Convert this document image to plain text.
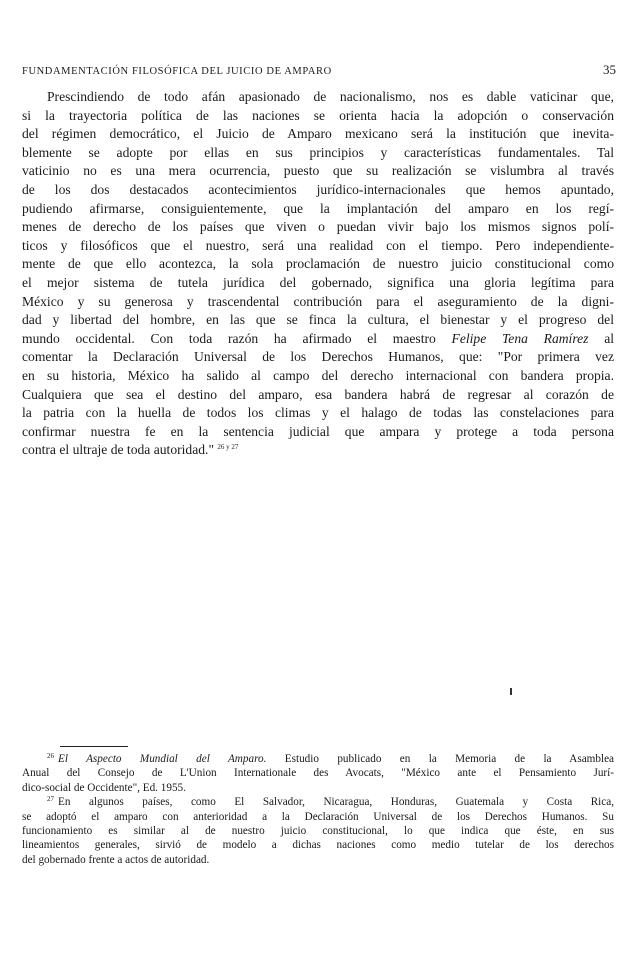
FUNDAMENTACIÓN FILOSÓFICA DEL JUICIO DE AMPARO	35
Prescindiendo de todo afán apasionado de nacionalismo, nos es dable vaticinar que,
si la trayectoria política de las naciones se orienta hacia la adopción o conservación
del régimen democrático, el Juicio de Amparo mexicano será la institución que inevita-
blemente se adopte por ellas en sus principios y características fundamentales. Tal
vaticinio no es una mera ocurrencia, puesto que su realización se vislumbra al través
de los dos destacados acontecimientos jurídico-internacionales que hemos apuntado,
pudiendo afirmarse, consiguientemente, que la implantación del amparo en los regí-
menes de derecho de los países que viven o puedan vivir bajo los mismos signos polí-
ticos y filosóficos que el nuestro, será una realidad con el tiempo. Pero independiente-
mente de que ello acontezca, la sola proclamación de nuestro juicio constitucional como
el mejor sistema de tutela jurídica del gobernado, significa una gloria legítima para
México y su generosa y trascendental contribución para el aseguramiento de la digni-
dad y libertad del hombre, en las que se finca la cultura, el bienestar y el progreso del
mundo occidental. Con toda razón ha afirmado el maestro Felipe Tena Ramírez al
comentar la Declaración Universal de los Derechos Humanos, que: "Por primera vez
en su historia, México ha salido al campo del derecho internacional con bandera propia.
Cualquiera que sea el destino del amparo, esa bandera habrá de regresar al corazón de
la patria con la huella de todos los climas y el halago de todas las constelaciones para
confirmar nuestra fe en la sentencia judicial que ampara y protege a toda persona
contra el ultraje de toda autoridad." $^{26 y 27}$
$^{26}$ El Aspecto Mundial del Amparo. Estudio publicado en la Memoria de la Asamblea
Anual del Consejo de L'Union Internationale des Avocats, "México ante el Pensamiento Jurí-
dico-social de Occidente", Ed. 1955.
$^{27}$ En algunos países, como El Salvador, Nicaragua, Honduras, Guatemala y Costa Rica,
se adoptó el amparo con anterioridad a la Declaración Universal de los Derechos Humanos. Su
funcionamiento es similar al de nuestro juicio constitucional, lo que indica que éste, en sus
lineamientos generales, sirvió de modelo a dichas naciones como medio tutelar de los derechos
del gobernado frente a actos de autoridad.
